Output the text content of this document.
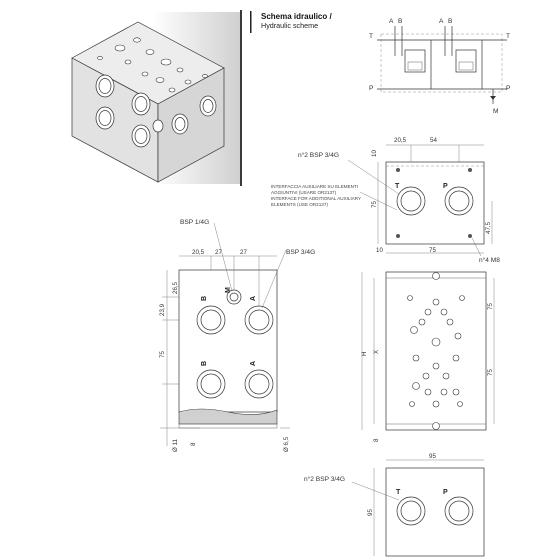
Schema idraulico /
Hydraulic scheme	A B	A B
T	T
P	P
M
T	P
20,5	54
10
75
47,5
10	75
n°2 BSP 3/4G
INTERFACCIA AUSILIARE SU ELEMENTI
AGGIUNTIVI (USARE OR2137)
INTERFACE FOR ADDITIONAL AUXILIARY
ELEMENTS (USE OR2137)
n°4 M8
B
M
A
B	A
20,5 27	27
BSP 1/4G
BSP 3/4G
26,5
23,9
75
Ø 11 8	Ø 6,5
H X
75
75
8
T	P
95
95
n°2 BSP 3/4G
